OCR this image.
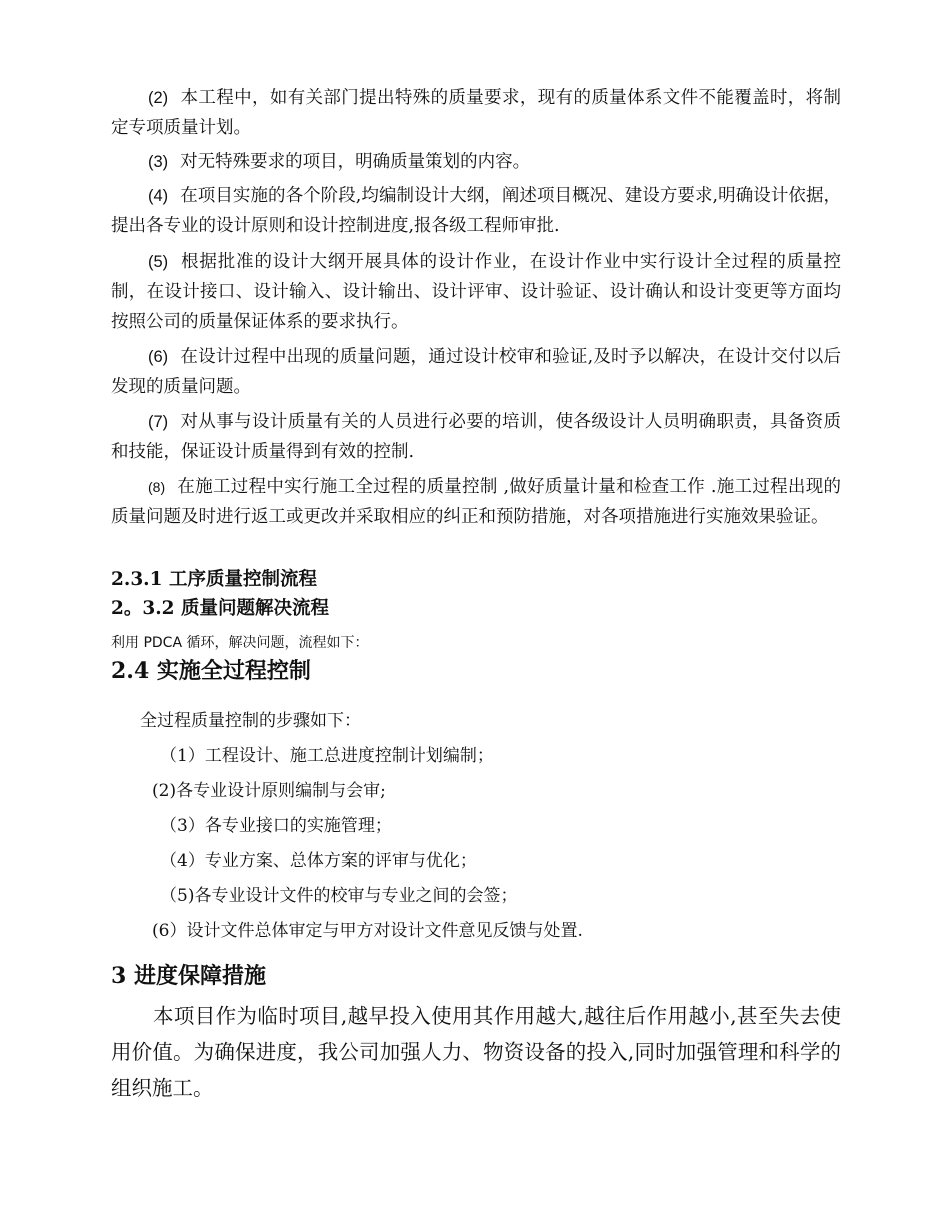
(2) 本工程中，如有关部门提出特殊的质量要求，现有的质量体系文件不能覆盖时，将制定专项质量计划。
(3) 对无特殊要求的项目，明确质量策划的内容。
(4) 在项目实施的各个阶段,均编制设计大纲，阐述项目概况、建设方要求,明确设计依据，提出各专业的设计原则和设计控制进度,报各级工程师审批.
(5) 根据批准的设计大纲开展具体的设计作业，在设计作业中实行设计全过程的质量控制，在设计接口、设计输入、设计输出、设计评审、设计验证、设计确认和设计变更等方面均按照公司的质量保证体系的要求执行。
(6) 在设计过程中出现的质量问题，通过设计校审和验证,及时予以解决，在设计交付以后发现的质量问题。
(7) 对从事与设计质量有关的人员进行必要的培训，使各级设计人员明确职责，具备资质和技能，保证设计质量得到有效的控制.
(8) 在施工过程中实行施工全过程的质量控制 ,做好质量计量和检查工作 .施工过程出现的质量问题及时进行返工或更改并采取相应的纠正和预防措施，对各项措施进行实施效果验证。
2.3.1 工序质量控制流程
2。3.2 质量问题解决流程
利用 PDCA 循环，解决问题，流程如下：
2.4 实施全过程控制
全过程质量控制的步骤如下：
（1）工程设计、施工总进度控制计划编制；
(2)各专业设计原则编制与会审;
（3）各专业接口的实施管理；
（4）专业方案、总体方案的评审与优化；
（5)各专业设计文件的校审与专业之间的会签；
(6）设计文件总体审定与甲方对设计文件意见反馈与处置.
3 进度保障措施
本项目作为临时项目,越早投入使用其作用越大,越往后作用越小,甚至失去使用价值。为确保进度，我公司加强人力、物资设备的投入,同时加强管理和科学的组织施工。
